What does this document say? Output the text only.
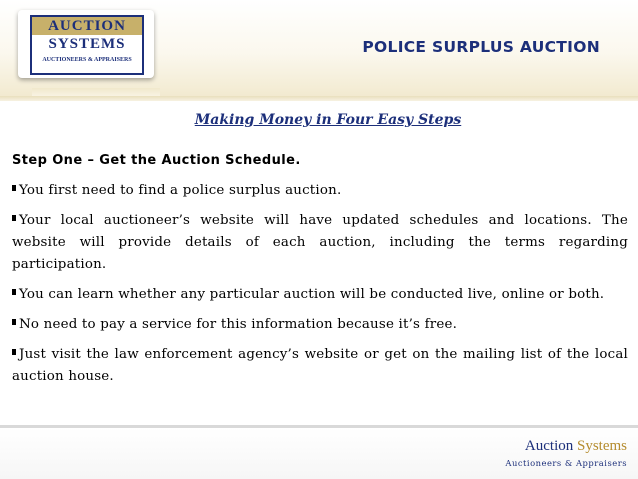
AUCTION
SYSTEMS
AUCTIONEERS & APPRAISERS
POLICE SURPLUS AUCTION
Making Money in Four Easy Steps
Step One – Get the Auction Schedule.
You first need to find a police surplus auction.
Your local auctioneer’s website will have updated schedules and locations. The website will provide details of each auction, including the terms regarding participation.
You can learn whether any particular auction will be conducted live, online or both.
No need to pay a service for this information because it’s free.
Just visit the law enforcement agency’s website or get on the mailing list of the local auction house.
Auction Systems
Auctioneers & Appraisers
